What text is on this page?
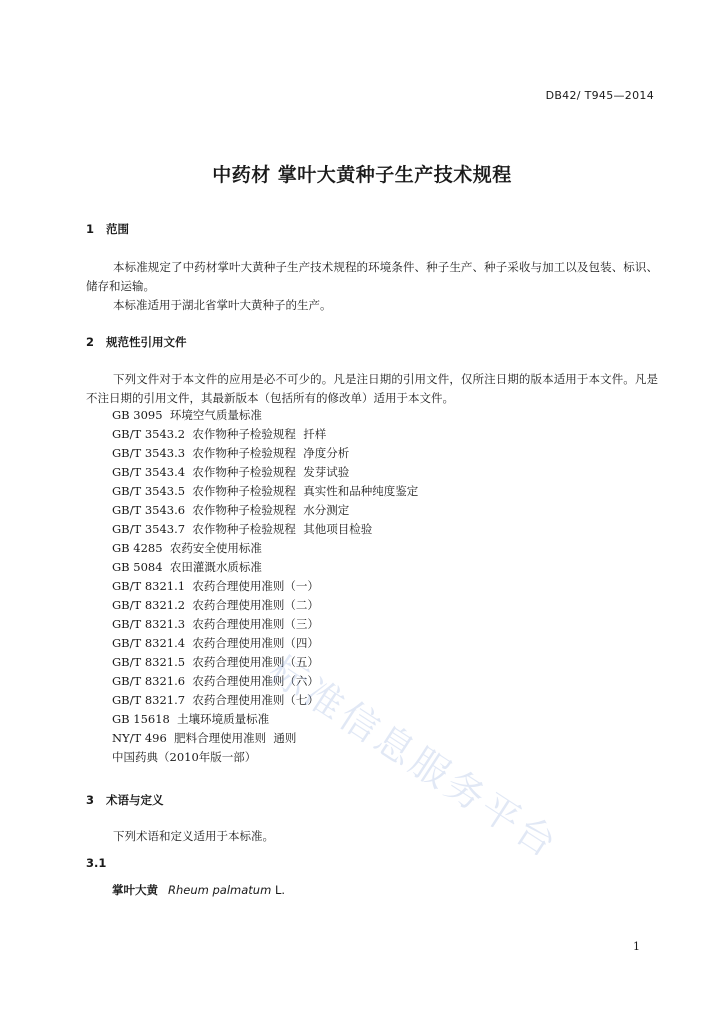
DB42/ T945—2014
中药材 掌叶大黄种子生产技术规程
1 范围
本标准规定了中药材掌叶大黄种子生产技术规程的环境条件、种子生产、种子采收与加工以及包装、标识、储存和运输。
本标准适用于湖北省掌叶大黄种子的生产。
2 规范性引用文件
下列文件对于本文件的应用是必不可少的。凡是注日期的引用文件，仅所注日期的版本适用于本文件。凡是不注日期的引用文件，其最新版本（包括所有的修改单）适用于本文件。
GB 3095  环境空气质量标准
GB/T 3543.2  农作物种子检验规程  扦样
GB/T 3543.3  农作物种子检验规程  净度分析
GB/T 3543.4  农作物种子检验规程  发芽试验
GB/T 3543.5  农作物种子检验规程  真实性和品种纯度鉴定
GB/T 3543.6  农作物种子检验规程  水分测定
GB/T 3543.7  农作物种子检验规程  其他项目检验
GB 4285  农药安全使用标准
GB 5084  农田灌溉水质标准
GB/T 8321.1  农药合理使用准则（一）
GB/T 8321.2  农药合理使用准则（二）
GB/T 8321.3  农药合理使用准则（三）
GB/T 8321.4  农药合理使用准则（四）
GB/T 8321.5  农药合理使用准则（五）
GB/T 8321.6  农药合理使用准则（六）
GB/T 8321.7  农药合理使用准则（七）
GB 15618  土壤环境质量标准
NY/T 496  肥料合理使用准则  通则
中国药典（2010年版一部）
3 术语与定义
下列术语和定义适用于本标准。
3.1
掌叶大黄 Rheum palmatum L.
标准信息服务平台
1
